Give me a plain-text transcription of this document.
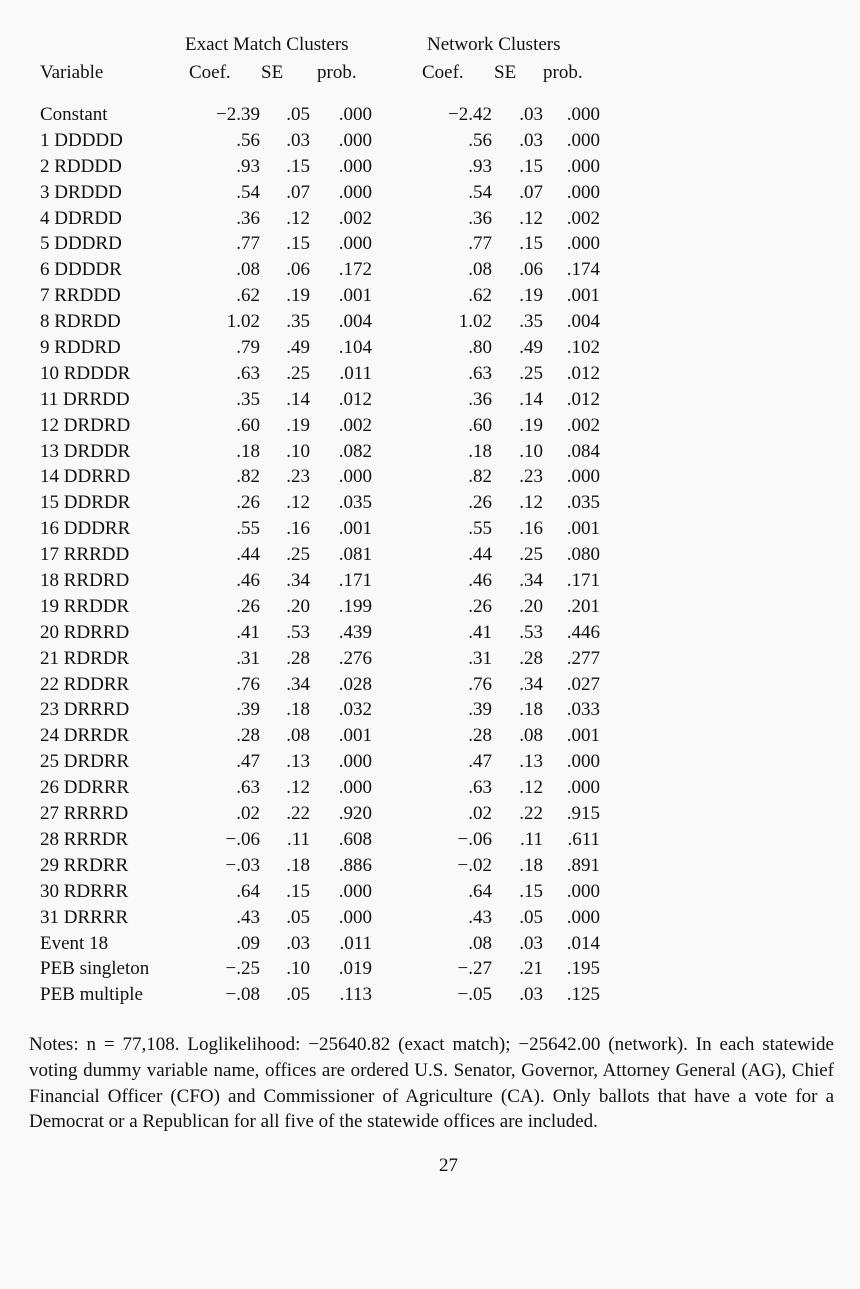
Exact Match Clusters	Network Clusters
Variable	Coef. SE prob.	Coef. SE prob.
Constant	−2.39 .05 .000	−2.42 .03 .000
1 DDDDD	.56 .03 .000	.56 .03 .000
2 RDDDD	.93 .15 .000	.93 .15 .000
3 DRDDD	.54 .07 .000	.54 .07 .000
4 DDRDD	.36 .12 .002	.36 .12 .002
5 DDDRD	.77 .15 .000	.77 .15 .000
6 DDDDR	.08 .06 .172	.08 .06 .174
7 RRDDD	.62 .19 .001	.62 .19 .001
8 RDRDD	1.02 .35 .004	1.02 .35 .004
9 RDDRD	.79 .49 .104	.80 .49 .102
10 RDDDR	.63 .25 .011	.63 .25 .012
11 DRRDD	.35 .14 .012	.36 .14 .012
12 DRDRD	.60 .19 .002	.60 .19 .002
13 DRDDR	.18 .10 .082	.18 .10 .084
14 DDRRD	.82 .23 .000	.82 .23 .000
15 DDRDR	.26 .12 .035	.26 .12 .035
16 DDDRR	.55 .16 .001	.55 .16 .001
17 RRRDD	.44 .25 .081	.44 .25 .080
18 RRDRD	.46 .34 .171	.46 .34 .171
19 RRDDR	.26 .20 .199	.26 .20 .201
20 RDRRD	.41 .53 .439	.41 .53 .446
21 RDRDR	.31 .28 .276	.31 .28 .277
22 RDDRR	.76 .34 .028	.76 .34 .027
23 DRRRD	.39 .18 .032	.39 .18 .033
24 DRRDR	.28 .08 .001	.28 .08 .001
25 DRDRR	.47 .13 .000	.47 .13 .000
26 DDRRR	.63 .12 .000	.63 .12 .000
27 RRRRD	.02 .22 .920	.02 .22 .915
28 RRRDR	−.06 .11 .608	−.06 .11 .611
29 RRDRR	−.03 .18 .886	−.02 .18 .891
30 RDRRR	.64 .15 .000	.64 .15 .000
31 DRRRR	.43 .05 .000	.43 .05 .000
Event 18	.09 .03 .011	.08 .03 .014
PEB singleton	−.25 .10 .019	−.27 .21 .195
PEB multiple	−.08 .05 .113	−.05 .03 .125
Notes: n = 77,108. Loglikelihood: −25640.82 (exact match); −25642.00 (network). In each statewide voting dummy variable name, offices are ordered U.S. Senator, Governor, Attorney General (AG), Chief Financial Officer (CFO) and Commissioner of Agriculture (CA). Only ballots that have a vote for a Democrat or a Republican for all five of the statewide offices are included.
27
